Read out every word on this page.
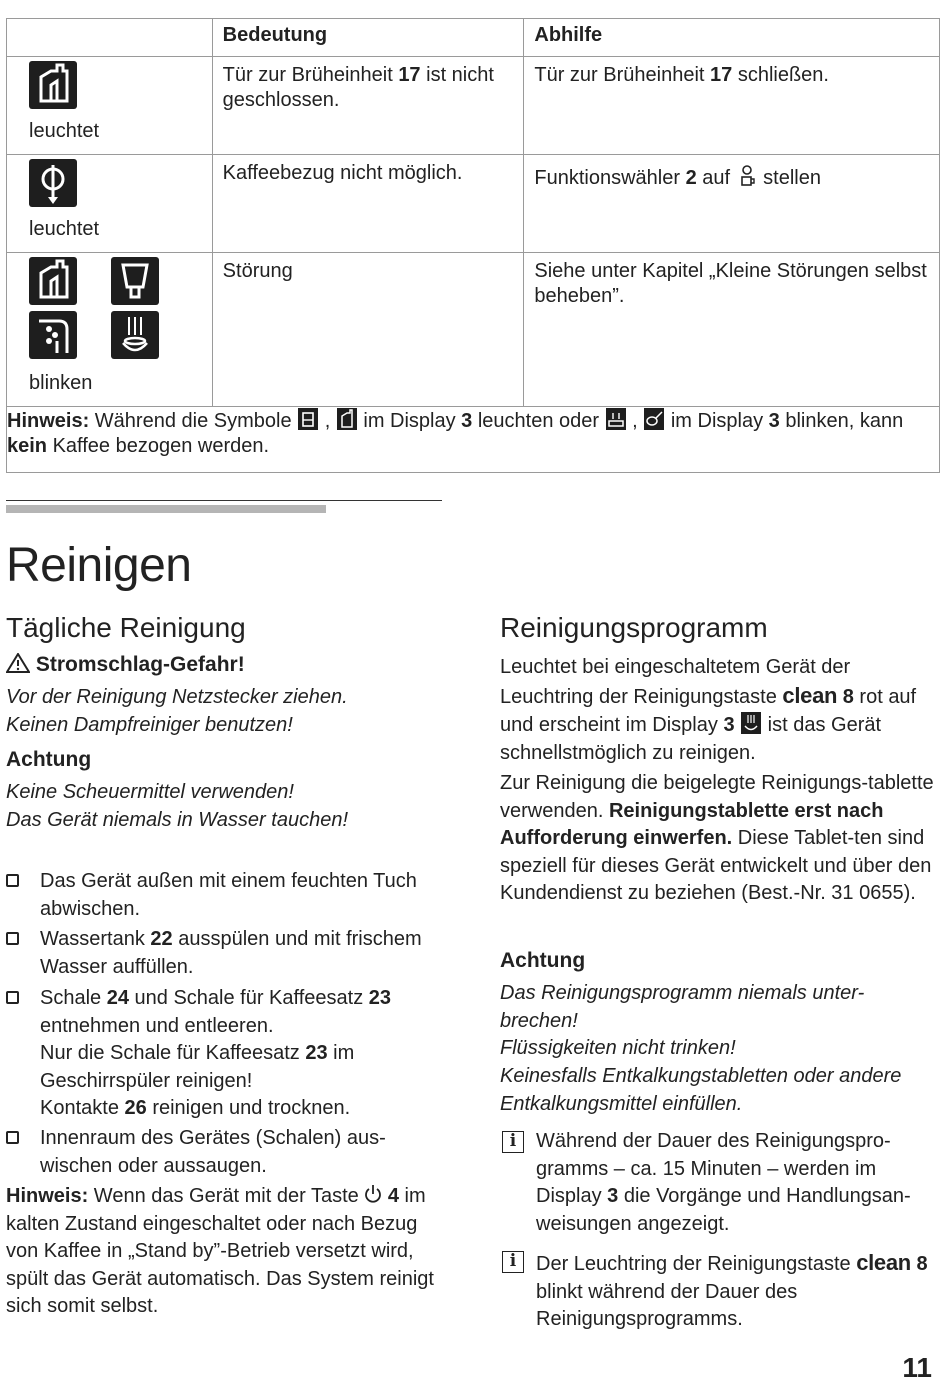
	Bedeutung	Abhilfe

leuchtet	Tür zur Brüheinheit 17 ist nicht geschlossen.	Tür zur Brüheinheit 17 schließen.

leuchtet	Kaffeebezug nicht möglich.	Funktionswähler 2 auf
stellen

blinken	Störung	Siehe unter Kapitel „Kleine Störungen selbst beheben”.
Hinweis: Während die Symbole
,
im Display 3 leuchten oder
,
im Display 3 blinken, kann kein Kaffee bezogen werden.		
Reinigen
Tägliche Reinigung
Stromschlag-Gefahr!
Vor der Reinigung Netzstecker ziehen.
Keinen Dampfreiniger benutzen!
Achtung
Keine Scheuermittel verwenden!
Das Gerät niemals in Wasser tauchen!
Das Gerät außen mit einem feuchten Tuch abwischen.
Wassertank 22 ausspülen und mit frischem Wasser auffüllen.
Schale 24 und Schale für Kaffeesatz 23 entnehmen und entleeren.
Nur die Schale für Kaffeesatz 23 im Geschirrspüler reinigen!
Kontakte 26 reinigen und trocknen.
Innenraum des Gerätes (Schalen) aus-wischen oder aussaugen.
Hinweis: Wenn das Gerät mit der Taste  4 im kalten Zustand eingeschaltet oder nach Bezug von Kaffee in „Stand by”-Betrieb versetzt wird, spült das Gerät automatisch. Das System reinigt sich somit selbst.
Reinigungsprogramm
Leuchtet bei eingeschaltetem Gerät der Leuchtring der Reinigungstaste clean 8 rot auf und erscheint im Display 3
ist das Gerät schnellstmöglich zu reinigen.
Zur Reinigung die beigelegte Reinigungs-tablette verwenden. Reinigungstablette erst nach Aufforderung einwerfen. Diese Tablet-ten sind speziell für dieses Gerät entwickelt und über den Kundendienst zu beziehen (Best.-Nr. 31 0655).
Achtung
Das Reinigungsprogramm niemals unter-brechen!
Flüssigkeiten nicht trinken!
Keinesfalls Entkalkungstabletten oder andere Entkalkungsmittel einfüllen.
i Während der Dauer des Reinigungspro-gramms – ca. 15 Minuten – werden im Display 3 die Vorgänge und Handlungsan-weisungen angezeigt.
i Der Leuchtring der Reinigungstaste clean 8 blinkt während der Dauer des Reinigungsprogramms.
11
